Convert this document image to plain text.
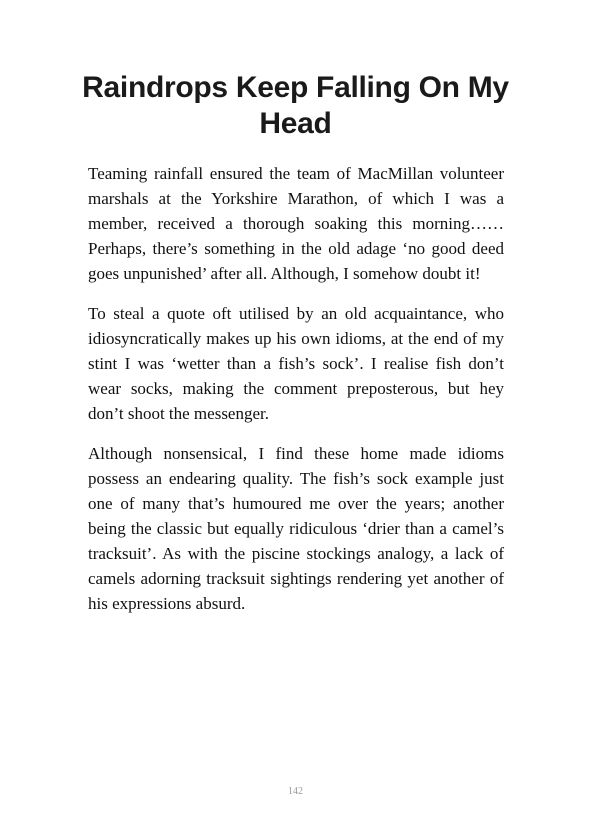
Raindrops Keep Falling On My Head

Teaming rainfall ensured the team of MacMillan volunteer marshals at the Yorkshire Marathon, of which I was a member, received a thorough soaking this morning…… Perhaps, there’s something in the old adage ‘no good deed goes unpunished’ after all. Although, I somehow doubt it!

To steal a quote oft utilised by an old acquaintance, who idiosyncratically makes up his own idioms, at the end of my stint I was ‘wetter than a fish’s sock’. I realise fish don’t wear socks, making the comment preposterous, but hey don’t shoot the messenger.

Although nonsensical, I find these home made idioms possess an endearing quality. The fish’s sock example just one of many that’s humoured me over the years; another being the classic but equally ridiculous ‘drier than a camel’s tracksuit’. As with the piscine stockings analogy, a lack of camels adorning tracksuit sightings rendering yet another of his expressions absurd.

142
